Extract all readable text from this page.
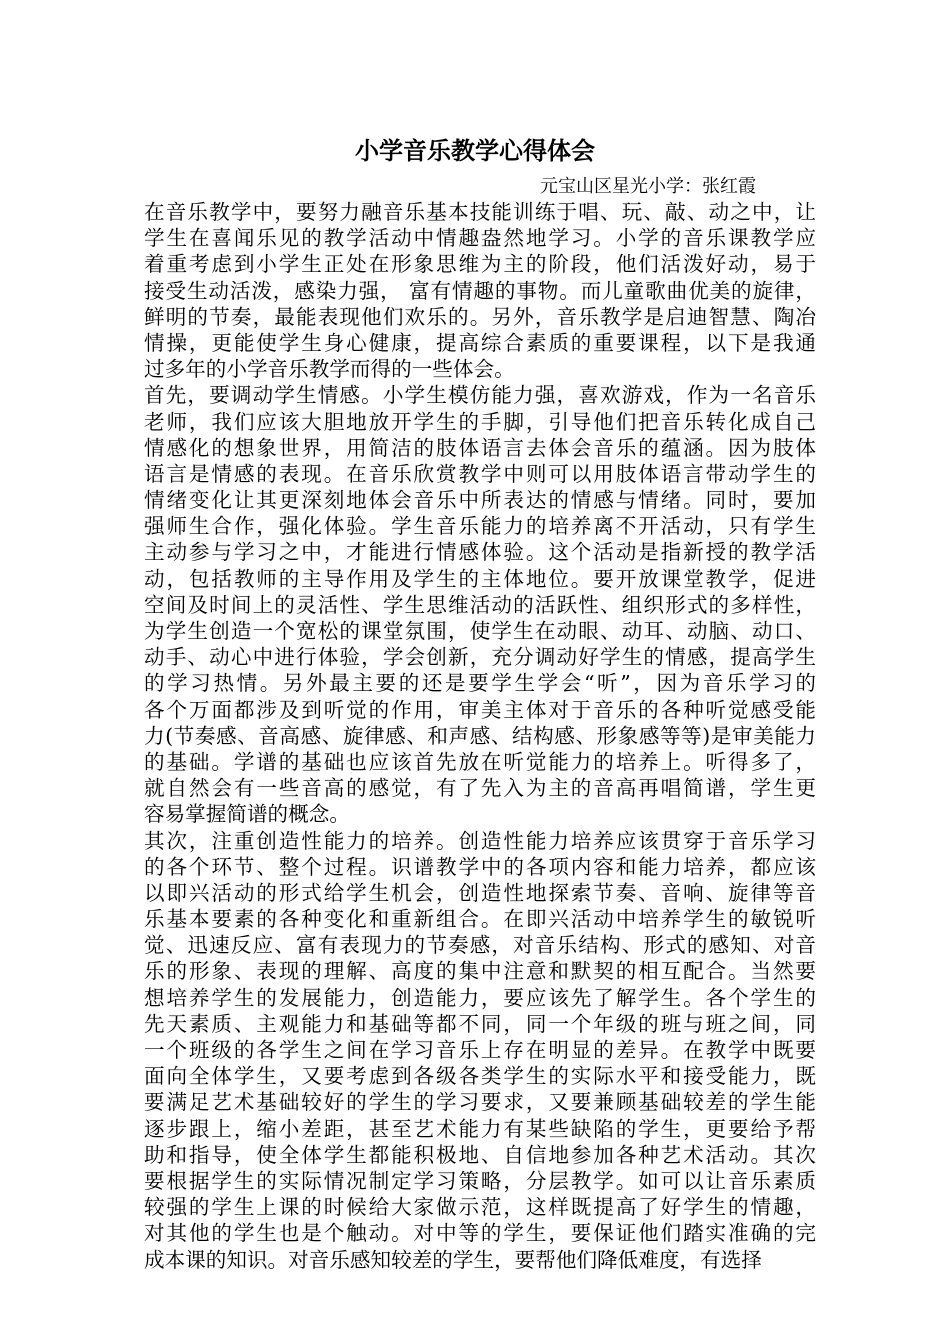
小学音乐教学心得体会

元宝山区星光小学：张红霞

在音乐教学中，要努力融音乐基本技能训练于唱、玩、敲、动之中，让
学生在喜闻乐见的教学活动中情趣盎然地学习。小学的音乐课教学应
着重考虑到小学生正处在形象思维为主的阶段，他们活泼好动，易于
接受生动活泼，感染力强， 富有情趣的事物。而儿童歌曲优美的旋律，
鲜明的节奏，最能表现他们欢乐的。另外，音乐教学是启迪智慧、陶冶
情操，更能使学生身心健康，提高综合素质的重要课程，以下是我通
过多年的小学音乐教学而得的一些体会。
首先，要调动学生情感。小学生模仿能力强，喜欢游戏，作为一名音乐
老师，我们应该大胆地放开学生的手脚，引导他们把音乐转化成自己
情感化的想象世界，用简洁的肢体语言去体会音乐的蕴涵。因为肢体
语言是情感的表现。在音乐欣赏教学中则可以用肢体语言带动学生的
情绪变化让其更深刻地体会音乐中所表达的情感与情绪。同时，要加
强师生合作，强化体验。学生音乐能力的培养离不开活动，只有学生
主动参与学习之中，才能进行情感体验。这个活动是指新授的教学活
动，包括教师的主导作用及学生的主体地位。要开放课堂教学，促进
空间及时间上的灵活性、学生思维活动的活跃性、组织形式的多样性，
为学生创造一个宽松的课堂氛围，使学生在动眼、动耳、动脑、动口、
动手、动心中进行体验，学会创新，充分调动好学生的情感，提高学生
的学习热情。另外最主要的还是要学生学会“听”，因为音乐学习的
各个万面都涉及到听觉的作用，审美主体对于音乐的各种听觉感受能
力(节奏感、音高感、旋律感、和声感、结构感、形象感等等)是审美能力
的基础。学谱的基础也应该首先放在听觉能力的培养上。听得多了，
就自然会有一些音高的感觉，有了先入为主的音高再唱简谱，学生更
容易掌握简谱的概念。
其次，注重创造性能力的培养。创造性能力培养应该贯穿于音乐学习
的各个环节、整个过程。识谱教学中的各项内容和能力培养，都应该
以即兴活动的形式给学生机会，创造性地探索节奏、音响、旋律等音
乐基本要素的各种变化和重新组合。在即兴活动中培养学生的敏锐听
觉、迅速反应、富有表现力的节奏感，对音乐结构、形式的感知、对音
乐的形象、表现的理解、高度的集中注意和默契的相互配合。当然要
想培养学生的发展能力，创造能力，要应该先了解学生。各个学生的
先天素质、主观能力和基础等都不同，同一个年级的班与班之间，同
一个班级的各学生之间在学习音乐上存在明显的差异。在教学中既要
面向全体学生，又要考虑到各级各类学生的实际水平和接受能力，既
要满足艺术基础较好的学生的学习要求，又要兼顾基础较差的学生能
逐步跟上，缩小差距，甚至艺术能力有某些缺陷的学生，更要给予帮
助和指导，使全体学生都能积极地、自信地参加各种艺术活动。其次
要根据学生的实际情况制定学习策略，分层教学。如可以让音乐素质
较强的学生上课的时候给大家做示范，这样既提高了好学生的情趣，
对其他的学生也是个触动。对中等的学生，要保证他们踏实准确的完
成本课的知识。对音乐感知较差的学生，要帮他们降低难度，有选择
